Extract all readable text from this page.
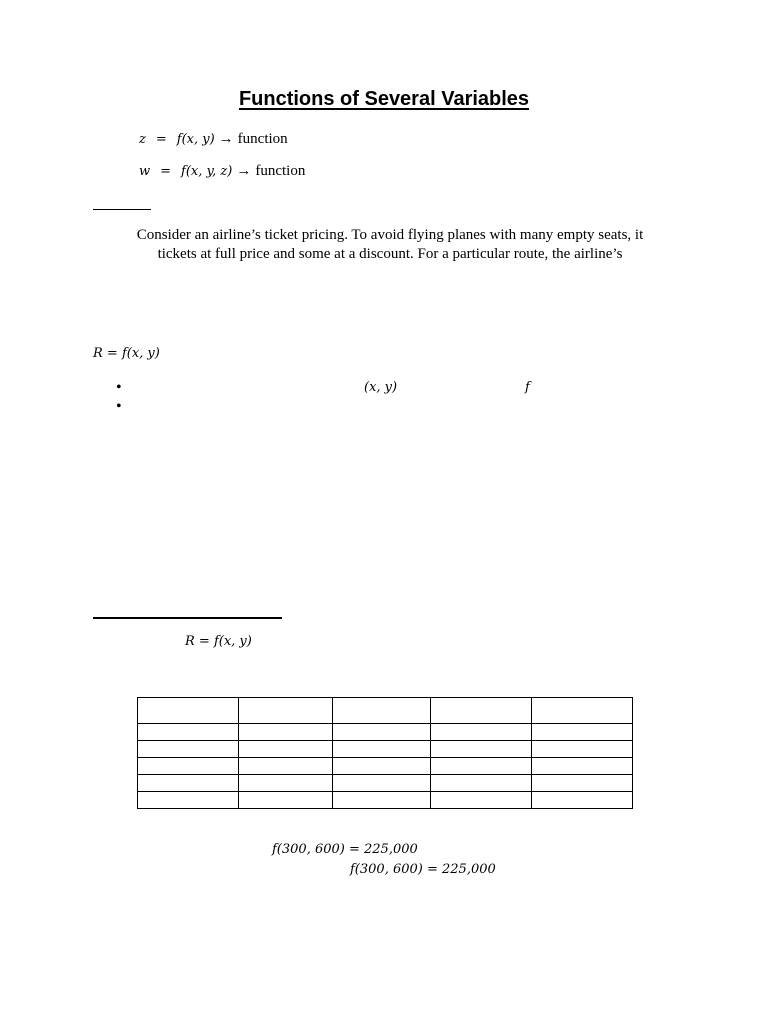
Functions of Several Variables
z = f(x, y) → function
w = f(x, y, z) → function
Consider an airline’s ticket pricing. To avoid flying planes with many empty seats, it
tickets at full price and some at a discount. For a particular route, the airline’s
R = f(x, y)
•	(x, y)	f
•
R = f(x, y)

f(300, 600) = 225,000
f(300, 600) = 225,000
